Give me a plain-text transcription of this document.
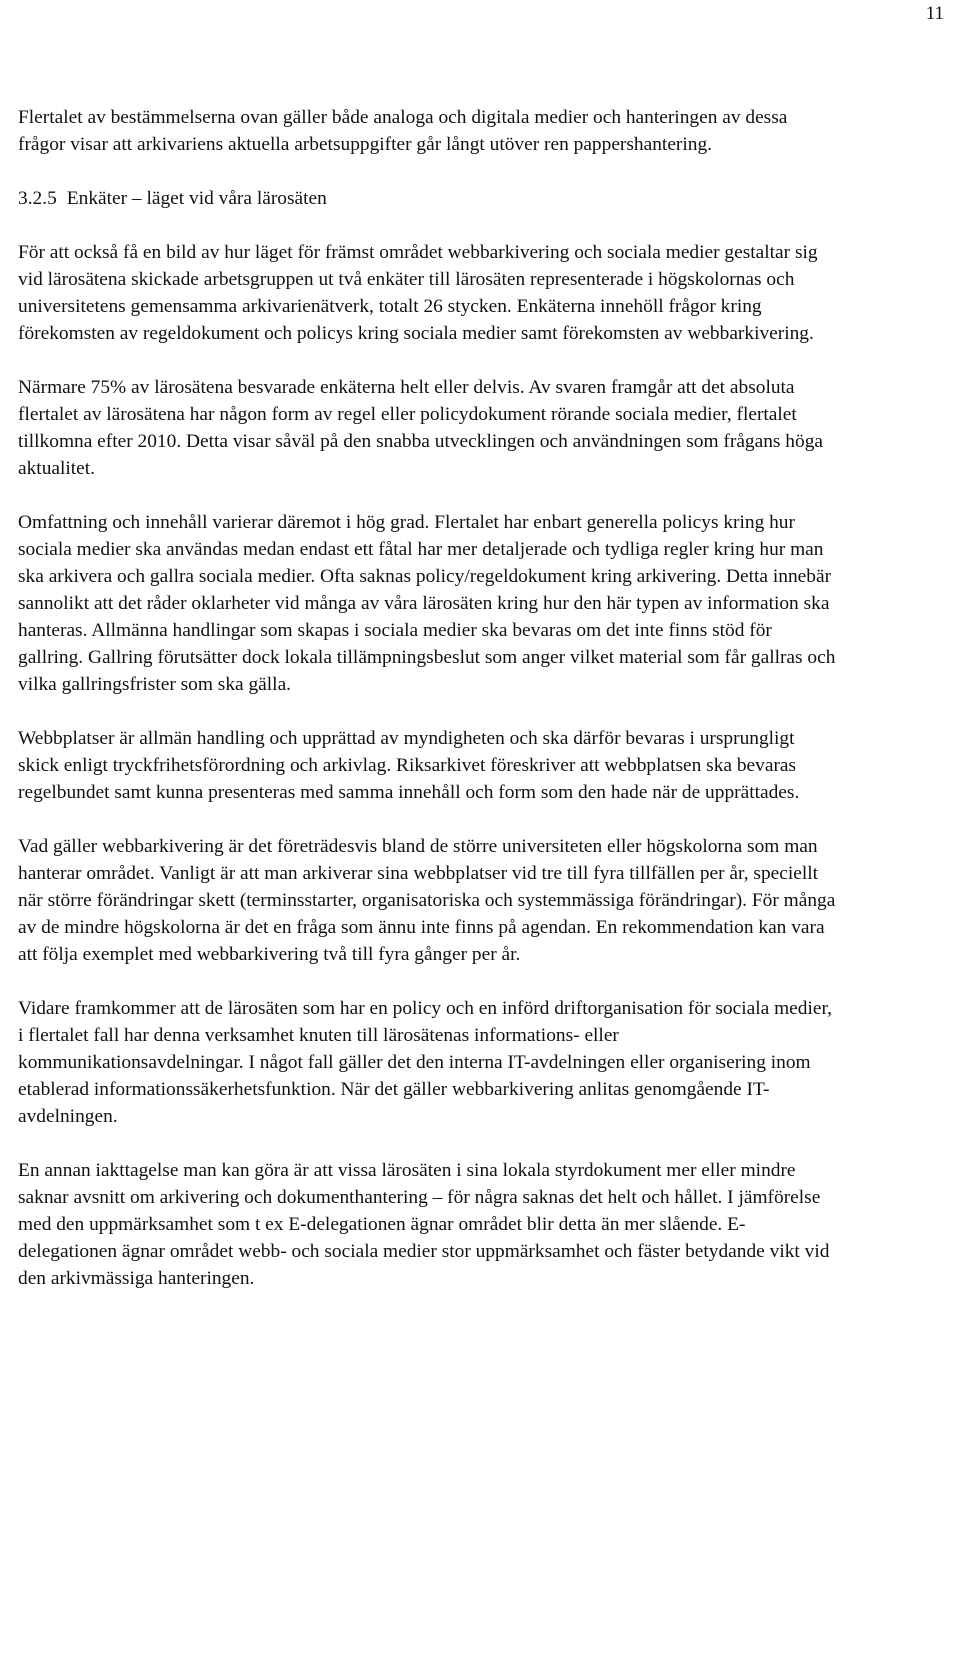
11

Flertalet av bestämmelserna ovan gäller både analoga och digitala medier och hanteringen av dessa frågor visar att arkivariens aktuella arbetsuppgifter går långt utöver ren pappershantering.

3.2.5 Enkäter – läget vid våra lärosäten

För att också få en bild av hur läget för främst området webbarkivering och sociala medier gestaltar sig vid lärosätena skickade arbetsgruppen ut två enkäter till lärosäten representerade i högskolornas och universitetens gemensamma arkivarienätverk, totalt 26 stycken. Enkäterna innehöll frågor kring förekomsten av regeldokument och policys kring sociala medier samt förekomsten av webbarkivering.

Närmare 75% av lärosätena besvarade enkäterna helt eller delvis. Av svaren framgår att det absoluta flertalet av lärosätena har någon form av regel eller policydokument rörande sociala medier, flertalet tillkomna efter 2010. Detta visar såväl på den snabba utvecklingen och användningen som frågans höga aktualitet.

Omfattning och innehåll varierar däremot i hög grad. Flertalet har enbart generella policys kring hur sociala medier ska användas medan endast ett fåtal har mer detaljerade och tydliga regler kring hur man ska arkivera och gallra sociala medier. Ofta saknas policy/regeldokument kring arkivering. Detta innebär sannolikt att det råder oklarheter vid många av våra lärosäten kring hur den här typen av information ska hanteras. Allmänna handlingar som skapas i sociala medier ska bevaras om det inte finns stöd för gallring. Gallring förutsätter dock lokala tillämpningsbeslut som anger vilket material som får gallras och vilka gallringsfrister som ska gälla.

Webbplatser är allmän handling och upprättad av myndigheten och ska därför bevaras i ursprungligt skick enligt tryckfrihetsförordning och arkivlag. Riksarkivet föreskriver att webbplatsen ska bevaras regelbundet samt kunna presenteras med samma innehåll och form som den hade när de upprättades.

Vad gäller webbarkivering är det företrädesvis bland de större universiteten eller högskolorna som man hanterar området. Vanligt är att man arkiverar sina webbplatser vid tre till fyra tillfällen per år, speciellt när större förändringar skett (terminsstarter, organisatoriska och systemmässiga förändringar). För många av de mindre högskolorna är det en fråga som ännu inte finns på agendan. En rekommendation kan vara att följa exemplet med webbarkivering två till fyra gånger per år.

Vidare framkommer att de lärosäten som har en policy och en införd driftorganisation för sociala medier, i flertalet fall har denna verksamhet knuten till lärosätenas informations- eller kommunikationsavdelningar. I något fall gäller det den interna IT-avdelningen eller organisering inom etablerad informationssäkerhetsfunktion. När det gäller webbarkivering anlitas genomgående IT-avdelningen.

En annan iakttagelse man kan göra är att vissa lärosäten i sina lokala styrdokument mer eller mindre saknar avsnitt om arkivering och dokumenthantering – för några saknas det helt och hållet. I jämförelse med den uppmärksamhet som t ex E-delegationen ägnar området blir detta än mer slående. E-delegationen ägnar området webb- och sociala medier stor uppmärksamhet och fäster betydande vikt vid den arkivmässiga hanteringen.
